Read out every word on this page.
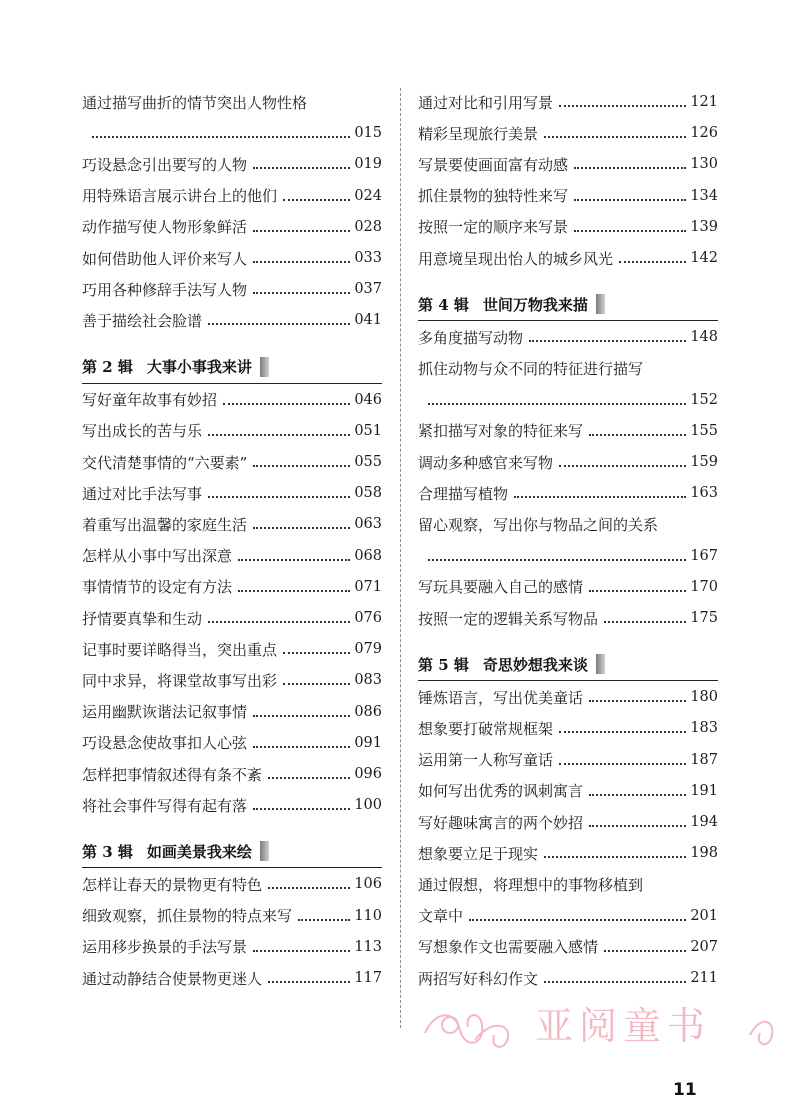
通过描写曲折的情节突出人物性格
015
巧设悬念引出要写的人物	019
用特殊语言展示讲台上的他们	024
动作描写使人物形象鲜活	028
如何借助他人评价来写人	033
巧用各种修辞手法写人物	037
善于描绘社会脸谱	041
第 2 辑 大事小事我来讲
写好童年故事有妙招	046
写出成长的苦与乐	051
交代清楚事情的“六要素”	055
通过对比手法写事	058
着重写出温馨的家庭生活	063
怎样从小事中写出深意	068
事情情节的设定有方法	071
抒情要真挚和生动	076
记事时要详略得当，突出重点	079
同中求异，将课堂故事写出彩	083
运用幽默诙谐法记叙事情	086
巧设悬念使故事扣人心弦	091
怎样把事情叙述得有条不紊	096
将社会事件写得有起有落	100
第 3 辑 如画美景我来绘
怎样让春天的景物更有特色	106
细致观察，抓住景物的特点来写	110
运用移步换景的手法写景	113
通过动静结合使景物更迷人	117
通过对比和引用写景	121
精彩呈现旅行美景	126
写景要使画面富有动感	130
抓住景物的独特性来写	134
按照一定的顺序来写景	139
用意境呈现出怡人的城乡风光	142
第 4 辑 世间万物我来描
多角度描写动物	148
抓住动物与众不同的特征进行描写
152
紧扣描写对象的特征来写	155
调动多种感官来写物	159
合理描写植物	163
留心观察，写出你与物品之间的关系
167
写玩具要融入自己的感情	170
按照一定的逻辑关系写物品	175
第 5 辑 奇思妙想我来谈
锤炼语言，写出优美童话	180
想象要打破常规框架	183
运用第一人称写童话	187
如何写出优秀的讽刺寓言	191
写好趣味寓言的两个妙招	194
想象要立足于现实	198
通过假想，将理想中的事物移植到
文章中	201
写想象作文也需要融入感情	207
两招写好科幻作文	211
亚阅童书
11
